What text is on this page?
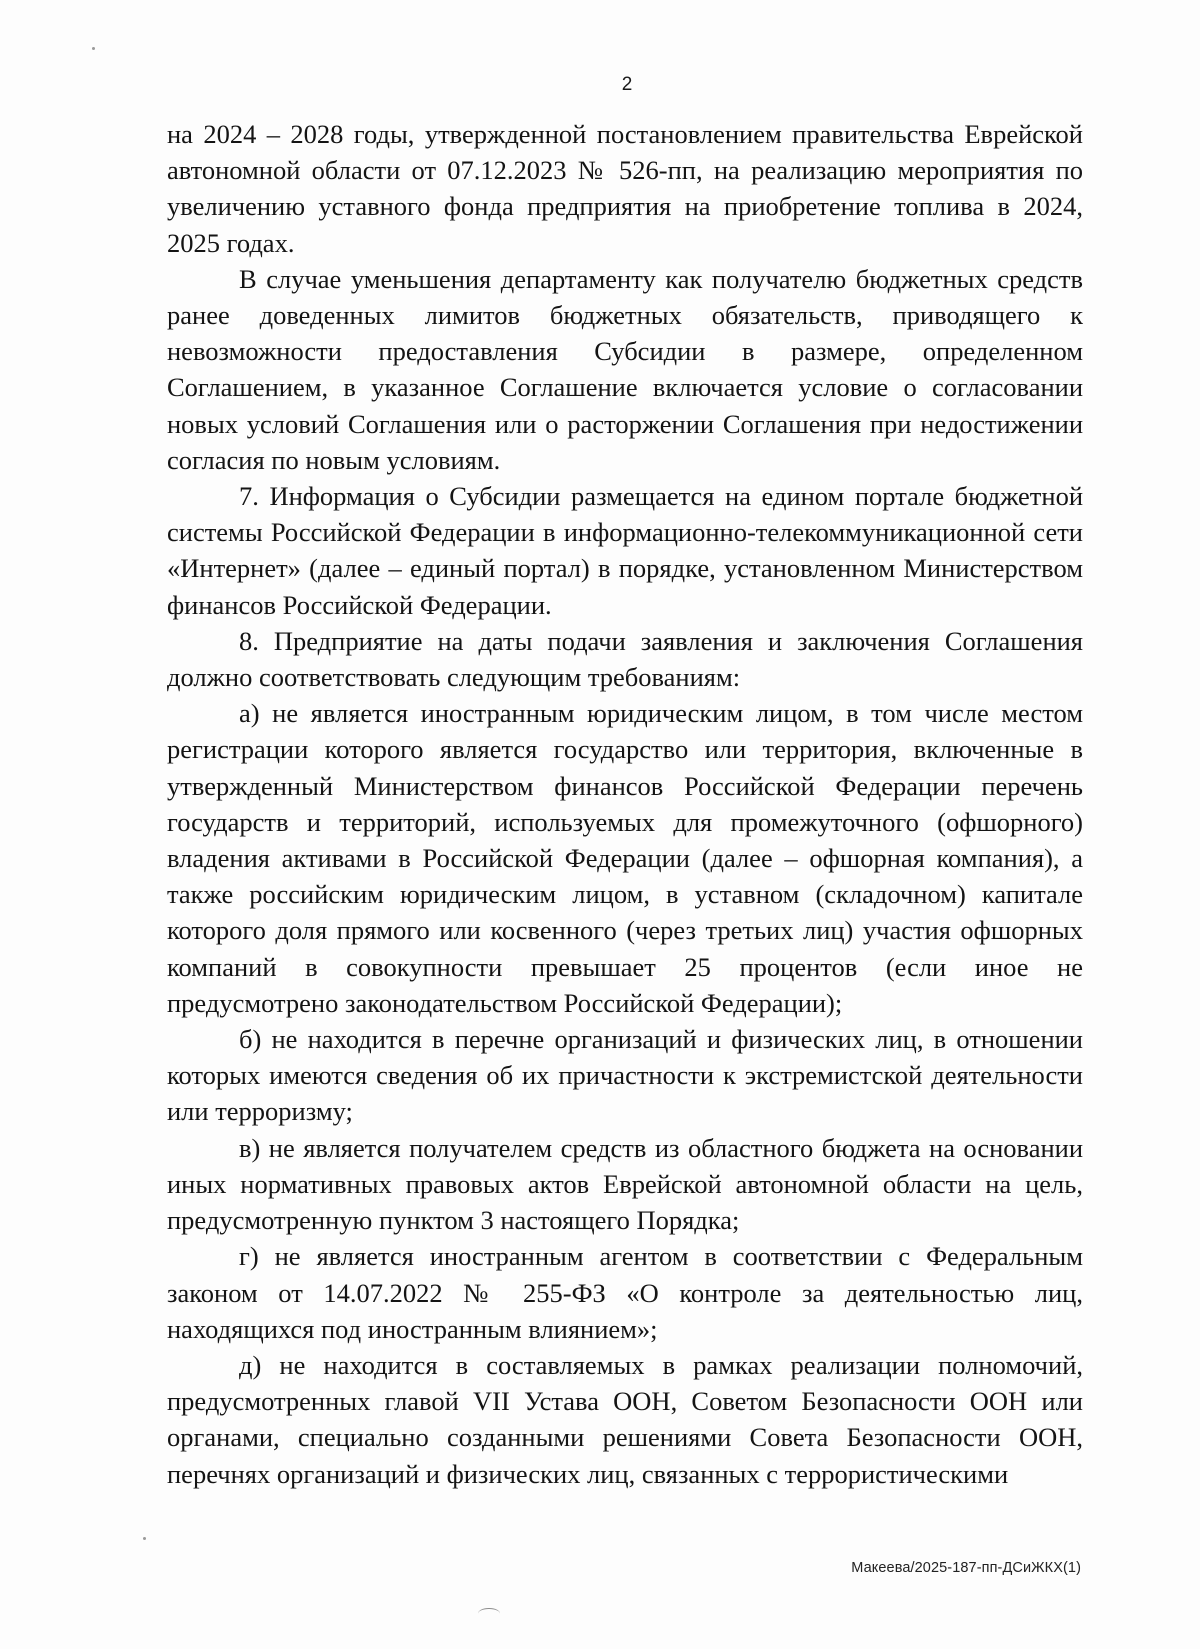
2

на 2024 – 2028 годы, утвержденной постановлением правительства Еврейской автономной области от 07.12.2023 № 526-пп, на реализацию мероприятия по увеличению уставного фонда предприятия на приобретение топлива в 2024, 2025 годах.

В случае уменьшения департаменту как получателю бюджетных средств ранее доведенных лимитов бюджетных обязательств, приводящего к невозможности предоставления Субсидии в размере, определенном Соглашением, в указанное Соглашение включается условие о согласовании новых условий Соглашения или о расторжении Соглашения при недостижении согласия по новым условиям.

7. Информация о Субсидии размещается на едином портале бюджетной системы Российской Федерации в информационно-телекоммуникационной сети «Интернет» (далее – единый портал) в порядке, установленном Министерством финансов Российской Федерации.

8. Предприятие на даты подачи заявления и заключения Соглашения должно соответствовать следующим требованиям:

а) не является иностранным юридическим лицом, в том числе местом регистрации которого является государство или территория, включенные в утвержденный Министерством финансов Российской Федерации перечень государств и территорий, используемых для промежуточного (офшорного) владения активами в Российской Федерации (далее – офшорная компания), а также российским юридическим лицом, в уставном (складочном) капитале которого доля прямого или косвенного (через третьих лиц) участия офшорных компаний в совокупности превышает 25 процентов (если иное не предусмотрено законодательством Российской Федерации);

б) не находится в перечне организаций и физических лиц, в отношении которых имеются сведения об их причастности к экстремистской деятельности или терроризму;

в) не является получателем средств из областного бюджета на основании иных нормативных правовых актов Еврейской автономной области на цель, предусмотренную пунктом 3 настоящего Порядка;

г) не является иностранным агентом в соответствии с Федеральным законом от 14.07.2022 № 255-ФЗ «О контроле за деятельностью лиц, находящихся под иностранным влиянием»;

д) не находится в составляемых в рамках реализации полномочий, предусмотренных главой VII Устава ООН, Советом Безопасности ООН или органами, специально созданными решениями Совета Безопасности ООН, перечнях организаций и физических лиц, связанных с террористическими

Макеева/2025-187-пп-ДСиЖКХ(1)
